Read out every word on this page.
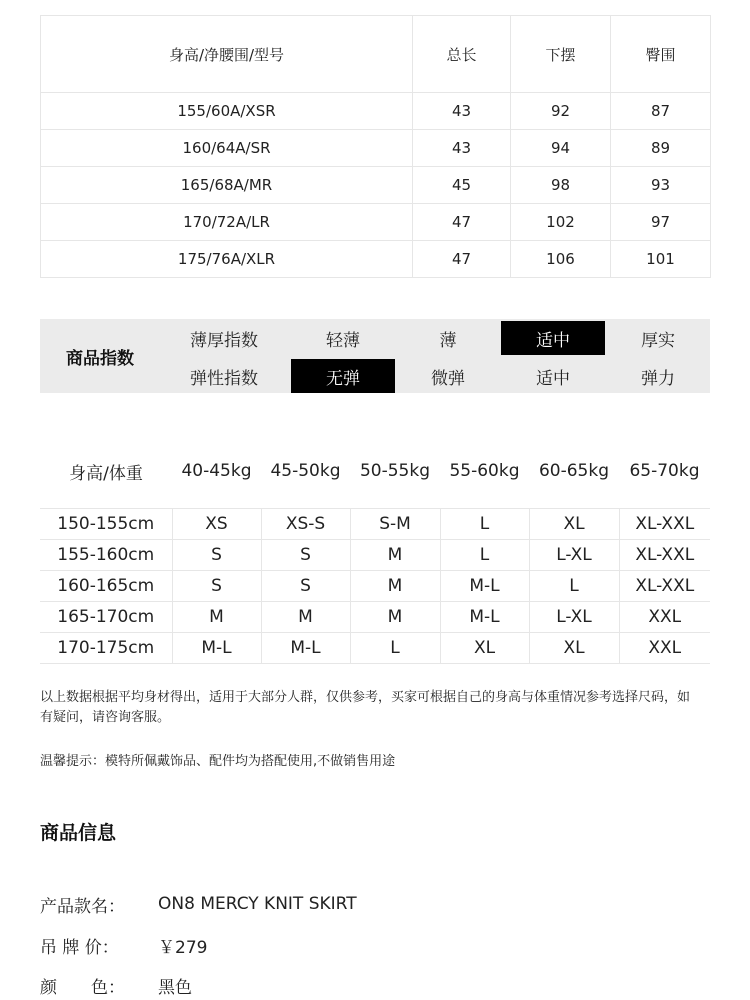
身高/净腰围/型号	总长	下摆	臀围
155/60A/XSR	43	92	87
160/64A/SR	43	94	89
165/68A/MR	45	98	93
170/72A/LR	47	102	97
175/76A/XLR	47	106	101
商品指数
薄厚指数	轻薄	薄	适中	厚实
弹性指数	无弹	微弹	适中	弹力
身高/体重	40-45kg	45-50kg	50-55kg	55-60kg	60-65kg	65-70kg
150-155cm	XS	XS-S	S-M	L	XL	XL-XXL
155-160cm	S	S	M	L	L-XL	XL-XXL
160-165cm	S	S	M	M-L	L	XL-XXL
165-170cm	M	M	M	M-L	L-XL	XXL
170-175cm	M-L	M-L	L	XL	XL	XXL
以上数据根据平均身材得出，适用于大部分人群，仅供参考，买家可根据自己的身高与体重情况参考选择尺码，如有疑问，请咨询客服。
温馨提示：模特所佩戴饰品、配件均为搭配使用,不做销售用途
商品信息
产品款名：	ON8 MERCY KNIT SKIRT
吊 牌 价：	￥279
颜　　色：	黑色
